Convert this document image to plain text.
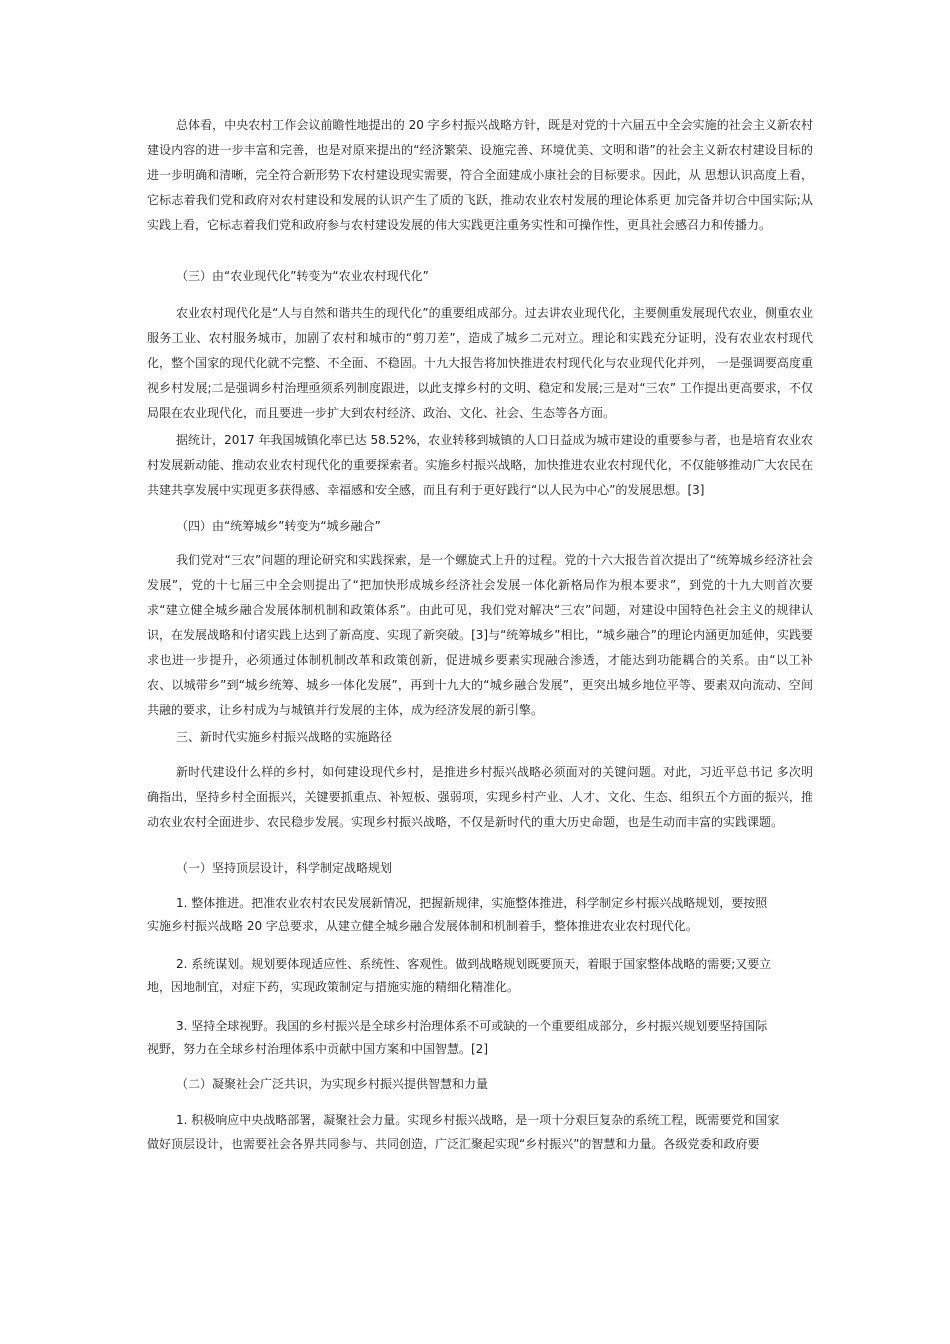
总体看，中央农村工作会议前瞻性地提出的 20 字乡村振兴战略方针，既是对党的十六届五中全会实施的社会主义新农村建设内容的进一步丰富和完善，也是对原来提出的“经济繁荣、设施完善、环境优美、文明和谐”的社会主义新农村建设目标的进一步明确和清晰，完全符合新形势下农村建设现实需要，符合全面建成小康社会的目标要求。因此，从 思想认识高度上看，它标志着我们党和政府对农村建设和发展的认识产生了质的飞跃，推动农业农村发展的理论体系更 加完备并切合中国实际;从实践上看，它标志着我们党和政府参与农村建设发展的伟大实践更注重务实性和可操作性，更具社会感召力和传播力。

（三）由“农业现代化”转变为“农业农村现代化”

农业农村现代化是“人与自然和谐共生的现代化”的重要组成部分。过去讲农业现代化，主要侧重发展现代农业，侧重农业服务工业、农村服务城市，加剧了农村和城市的“剪刀差”，造成了城乡二元对立。理论和实践充分证明，没有农业农村现代化，整个国家的现代化就不完整、不全面、不稳固。十九大报告将加快推进农村现代化与农业现代化并列， 一是强调要高度重视乡村发展;二是强调乡村治理亟须系列制度跟进，以此支撑乡村的文明、稳定和发展;三是对“三农” 工作提出更高要求，不仅局限在农业现代化，而且要进一步扩大到农村经济、政治、文化、社会、生态等各方面。

据统计，2017 年我国城镇化率已达 58.52%，农业转移到城镇的人口日益成为城市建设的重要参与者，也是培育农业农村发展新动能、推动农业农村现代化的重要探索者。实施乡村振兴战略，加快推进农业农村现代化，不仅能够推动广大农民在共建共享发展中实现更多获得感、幸福感和安全感，而且有利于更好践行“以人民为中心”的发展思想。[3]

（四）由“统筹城乡”转变为“城乡融合”

我们党对“三农”问题的理论研究和实践探索，是一个螺旋式上升的过程。党的十六大报告首次提出了“统筹城乡经济社会发展”，党的十七届三中全会则提出了“把加快形成城乡经济社会发展一体化新格局作为根本要求”，到党的十九大则首次要求“建立健全城乡融合发展体制机制和政策体系”。由此可见，我们党对解决“三农”问题，对建设中国特色社会主义的规律认识，在发展战略和付诸实践上达到了新高度、实现了新突破。[3]与“统筹城乡”相比，“城乡融合”的理论内涵更加延伸，实践要求也进一步提升，必须通过体制机制改革和政策创新，促进城乡要素实现融合渗透，才能达到功能耦合的关系。由“以工补农、以城带乡”到“城乡统筹、城乡一体化发展”，再到十九大的“城乡融合发展”，更突出城乡地位平等、要素双向流动、空间共融的要求，让乡村成为与城镇并行发展的主体，成为经济发展的新引擎。

三、新时代实施乡村振兴战略的实施路径

新时代建设什么样的乡村，如何建设现代乡村，是推进乡村振兴战略必须面对的关键问题。对此，习近平总书记 多次明确指出，坚持乡村全面振兴，关键要抓重点、补短板、强弱项，实现乡村产业、人才、文化、生态、组织五个方面的振兴，推动农业农村全面进步、农民稳步发展。实现乡村振兴战略，不仅是新时代的重大历史命题，也是生动而丰富的实践课题。

（一）坚持顶层设计，科学制定战略规划

1. 整体推进。把准农业农村农民发展新情况，把握新规律，实施整体推进，科学制定乡村振兴战略规划，要按照

实施乡村振兴战略 20 字总要求，从建立健全城乡融合发展体制和机制着手，整体推进农业农村现代化。

2. 系统谋划。规划要体现适应性、系统性、客观性。做到战略规划既要顶天，着眼于国家整体战略的需要;又要立

地，因地制宜，对症下药，实现政策制定与措施实施的精细化精准化。

3. 坚持全球视野。我国的乡村振兴是全球乡村治理体系不可或缺的一个重要组成部分，乡村振兴规划要坚持国际

视野，努力在全球乡村治理体系中贡献中国方案和中国智慧。[2]

（二）凝聚社会广泛共识，为实现乡村振兴提供智慧和力量

1. 积极响应中央战略部署，凝聚社会力量。实现乡村振兴战略，是一项十分艰巨复杂的系统工程，既需要党和国家

做好顶层设计，也需要社会各界共同参与、共同创造，广泛汇聚起实现“乡村振兴”的智慧和力量。各级党委和政府要
